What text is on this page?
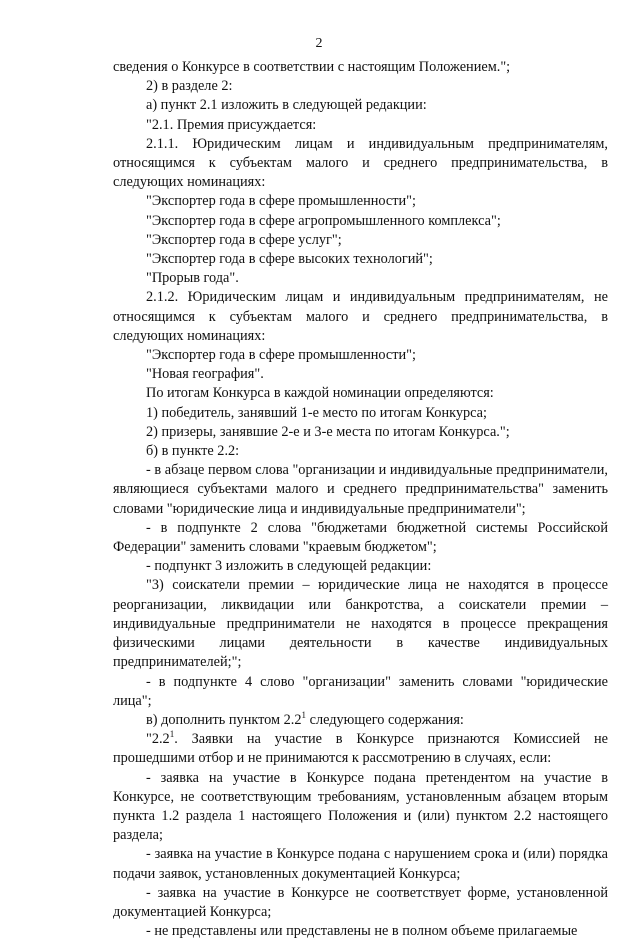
2

сведения о Конкурсе в соответствии с настоящим Положением.";

2) в разделе 2:

а) пункт 2.1 изложить в следующей редакции:

"2.1. Премия присуждается:

2.1.1. Юридическим лицам и индивидуальным предпринимателям, относящимся к субъектам малого и среднего предпринимательства, в следующих номинациях:

"Экспортер года в сфере промышленности";

"Экспортер года в сфере агропромышленного комплекса";

"Экспортер года в сфере услуг";

"Экспортер года в сфере высоких технологий";

"Прорыв года".

2.1.2. Юридическим лицам и индивидуальным предпринимателям, не относящимся к субъектам малого и среднего предпринимательства, в следующих номинациях:

"Экспортер года в сфере промышленности";

"Новая география".

По итогам Конкурса в каждой номинации определяются:

1) победитель, занявший 1-е место по итогам Конкурса;

2) призеры, занявшие 2-е и 3-е места по итогам Конкурса.";

б) в пункте 2.2:

- в абзаце первом слова "организации и индивидуальные предприниматели, являющиеся субъектами малого и среднего предпринимательства" заменить словами "юридические лица и индивидуальные предприниматели";

- в подпункте 2 слова "бюджетами бюджетной системы Российской Федерации" заменить словами "краевым бюджетом";

- подпункт 3 изложить в следующей редакции:

"3) соискатели премии – юридические лица не находятся в процессе реорганизации, ликвидации или банкротства, а соискатели премии – индивидуальные предприниматели не находятся в процессе прекращения физическими лицами деятельности в качестве индивидуальных предпринимателей;";

- в подпункте 4 слово "организации" заменить словами "юридические лица";

в) дополнить пунктом $2.2^1$ следующего содержания:

"$2.2^1$. Заявки на участие в Конкурсе признаются Комиссией не прошедшими отбор и не принимаются к рассмотрению в случаях, если:

- заявка на участие в Конкурсе подана претендентом на участие в Конкурсе, не соответствующим требованиям, установленным абзацем вторым пункта 1.2 раздела 1 настоящего Положения и (или) пунктом 2.2 настоящего раздела;

- заявка на участие в Конкурсе подана с нарушением срока и (или) порядка подачи заявок, установленных документацией Конкурса;

- заявка на участие в Конкурсе не соответствует форме, установленной документацией Конкурса;

- не представлены или представлены не в полном объеме прилагаемые
